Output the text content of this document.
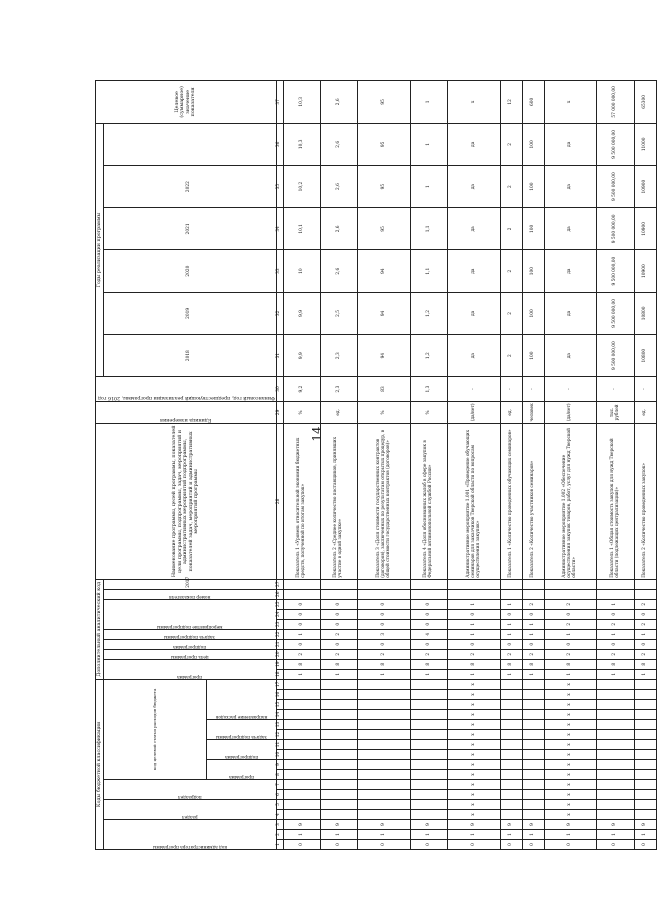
14
Коды бюджетной классификации																	Дополнительный аналитический код										Наименование программы, целей программы, показателей цели программы, подпрограммы, задач, мероприятий и административных мероприятий подпрограммы, показателей задач, мероприятий и административных мероприятий программы	Единица измерения	Финансовый год, предшествующий реализации программы, 2016 год	Годы реализации программы						Целевое (суммарное) значение показателя

код администратора программы			раздел		подраздел		код целевой статьи расходов бюджета										программа		цель программы	подпрограмма	задача подпрограммы	мероприятие подпрограммы			номер показателя	2017				2018	2019	2020	2021	2022		

							программа		подпрограмма		задача подпрограммы		направление расходов																							

1	2	3	4	5	6	7	8	9	10	11	12	13	14	15	16	17	18	19	20	21	22	23	24	25	26	27	28	29	30	31	32	33	34	35	36	37
0	1	9															1	8	2	0	1	0	0	0			Показатель 1 «Уровень относительной экономии бюджетных средств, полученной по итогам закупок»	%	9,2	9,9	9,9	10	10,1	10,2	10,3	10,3
0	1	9															1	8	2	0	2	0	0	0			Показатель 2 «Среднее количество поставщиков, принявших участие в одной закупке»	ед.	2,3	2,3	2,5	2,6	2,6	2,6	2,6	2,6
0	1	9															1	8	2	0	3	0	0	0			Показатель 3 «Доля стоимости государственных контрактов (договоров), заключенных по результатам открытых процедур, в общей стоимости государственных контрактов (договоров)»	%	83	94	94	94	95	95	95	95
0	1	9															1	8	2	0	4	0	0	0			Показатель 4 «Доля обоснованных жалоб в сфере закупок в Федеральной антимонопольной службой России»	%	1,3	1,2	1,2	1,1	1,1	1	1	1
0	1	9	x	x	x	x	x	x	x	x	x	x	x	x	x	x	1	8	2	0	1	1	0	1			Административное мероприятие 1.001 «Проведение обучающих семинаров для заказчиков Тверской области по вопросам осуществления закупок»	(да/нет)	-	да	да	да	да	да	да	x
0	1	9															1	8	2	0	1	1	0	1			Показатель 1 «Количество проведенных обучающих семинаров»	ед.	-	2	2	2	2	2	2	12
0	1	9															1	8	2	0	1	1	0	2			Показатель 2 «Количество участников семинаров»	человек	-	100	100	100	100	100	100	600
0	1	9	x	x	x	x	x	x	x	x	x	x	x	x	x	x	1	8	2	0	1	2	0	2			Административное мероприятие 1.002 «Обеспечение осуществления закупок товаров, работ, услуг для нужд Тверской области»	(да/нет)	-	да	да	да	да	да	да	x
0	1	9															1	8	2	0	1	2	0	1			Показатель 1 «Общая стоимость закупок для нужд Тверской области (подлежащих централизации)»	тыс. рублей	-	9 500 000,00	9 500 000,00	9 500 000,00	9 500 000,00	9 500 000,00	9 500 000,00	57 000 000,00
0	1	9															1	8	2	0	1	2	0	2			Показатель 2 «Количество проведенных закупок»	ед.	-	10800	10800	10900	10900	10900	11000	65300
